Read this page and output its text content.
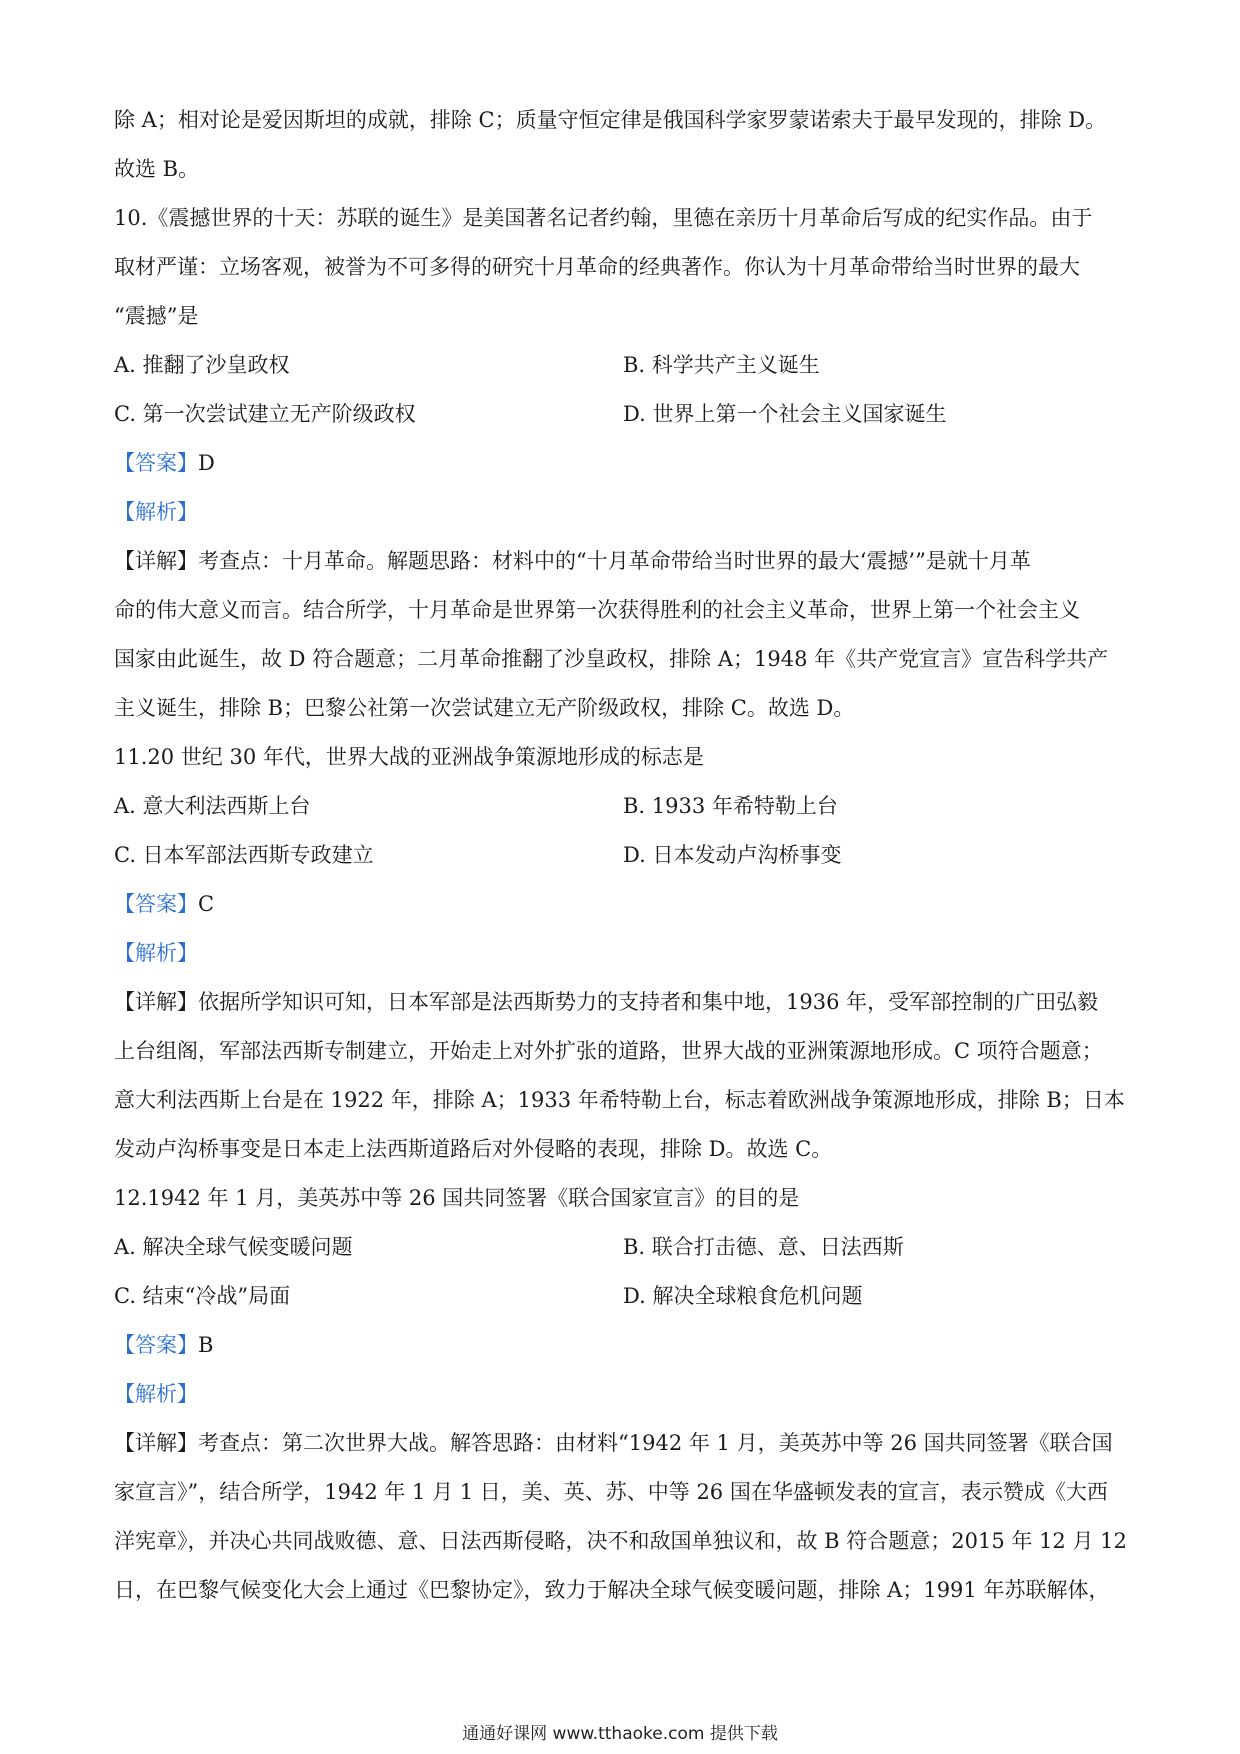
除 A；相对论是爱因斯坦的成就，排除 C；质量守恒定律是俄国科学家罗蒙诺索夫于最早发现的，排除 D。
故选 B。
10.《震撼世界的十天：苏联的诞生》是美国著名记者约翰，里德在亲历十月革命后写成的纪实作品。由于
取材严谨：立场客观，被誉为不可多得的研究十月革命的经典著作。你认为十月革命带给当时世界的最大
“震撼”是
A. 推翻了沙皇政权	B. 科学共产主义诞生
C. 第一次尝试建立无产阶级政权	D. 世界上第一个社会主义国家诞生
【答案】D
【解析】
【详解】考查点：十月革命。解题思路：材料中的“十月革命带给当时世界的最大‘震撼’”是就十月革
命的伟大意义而言。结合所学，十月革命是世界第一次获得胜利的社会主义革命，世界上第一个社会主义
国家由此诞生，故 D 符合题意；二月革命推翻了沙皇政权，排除 A；1948 年《共产党宣言》宣告科学共产
主义诞生，排除 B；巴黎公社第一次尝试建立无产阶级政权，排除 C。故选 D。
11.20 世纪 30 年代，世界大战的亚洲战争策源地形成的标志是
A. 意大利法西斯上台	B. 1933 年希特勒上台
C. 日本军部法西斯专政建立	D. 日本发动卢沟桥事变
【答案】C
【解析】
【详解】依据所学知识可知，日本军部是法西斯势力的支持者和集中地，1936 年，受军部控制的广田弘毅
上台组阁，军部法西斯专制建立，开始走上对外扩张的道路，世界大战的亚洲策源地形成。C 项符合题意；
意大利法西斯上台是在 1922 年，排除 A；1933 年希特勒上台，标志着欧洲战争策源地形成，排除 B；日本
发动卢沟桥事变是日本走上法西斯道路后对外侵略的表现，排除 D。故选 C。
12.1942 年 1 月，美英苏中等 26 国共同签署《联合国家宣言》的目的是
A. 解决全球气候变暖问题	B. 联合打击德、意、日法西斯
C. 结束“冷战”局面	D. 解决全球粮食危机问题
【答案】B
【解析】
【详解】考查点：第二次世界大战。解答思路：由材料“1942 年 1 月，美英苏中等 26 国共同签署《联合国
家宣言》”，结合所学，1942 年 1 月 1 日，美、英、苏、中等 26 国在华盛顿发表的宣言，表示赞成《大西
洋宪章》，并决心共同战败德、意、日法西斯侵略，决不和敌国单独议和，故 B 符合题意；2015 年 12 月 12
日，在巴黎气候变化大会上通过《巴黎协定》，致力于解决全球气候变暖问题，排除 A；1991 年苏联解体，
通通好课网 www.tthaoke.com 提供下载
